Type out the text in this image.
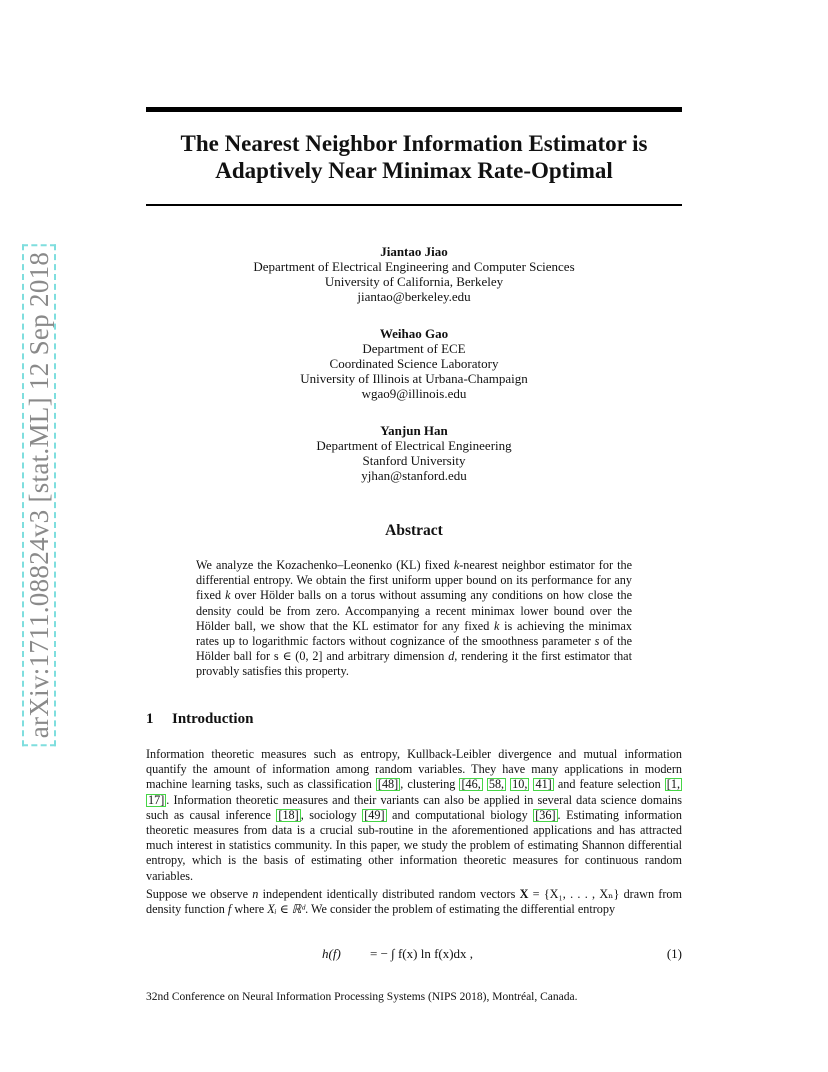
arXiv:1711.08824v3 [stat.ML] 12 Sep 2018
The Nearest Neighbor Information Estimator is
Adaptively Near Minimax Rate-Optimal
Jiantao Jiao
Department of Electrical Engineering and Computer Sciences
University of California, Berkeley
jiantao@berkeley.edu
Weihao Gao
Department of ECE
Coordinated Science Laboratory
University of Illinois at Urbana-Champaign
wgao9@illinois.edu
Yanjun Han
Department of Electrical Engineering
Stanford University
yjhan@stanford.edu
Abstract
We analyze the Kozachenko–Leonenko (KL) fixed k-nearest neighbor estimator for the differential entropy. We obtain the first uniform upper bound on its performance for any fixed k over Hölder balls on a torus without assuming any conditions on how close the density could be from zero. Accompanying a recent minimax lower bound over the Hölder ball, we show that the KL estimator for any fixed k is achieving the minimax rates up to logarithmic factors without cognizance of the smoothness parameter s of the Hölder ball for s ∈ (0, 2] and arbitrary dimension d, rendering it the first estimator that provably satisfies this property.
1 Introduction
Information theoretic measures such as entropy, Kullback-Leibler divergence and mutual information quantify the amount of information among random variables. They have many applications in modern machine learning tasks, such as classification [48] , clustering [46, 58, 10, 41] and feature selection [1, 17] . Information theoretic measures and their variants can also be applied in several data science domains such as causal inference [18] , sociology [49] and computational biology [36] . Estimating information theoretic measures from data is a crucial sub-routine in the aforementioned applications and has attracted much interest in statistics community. In this paper, we study the problem of estimating Shannon differential entropy, which is the basis of estimating other information theoretic measures for continuous random variables.
Suppose we observe n independent identically distributed random vectors X = {X₁, . . . , Xₙ} drawn from density function f where Xᵢ ∈ ℝᵈ. We consider the problem of estimating the differential entropy
h(f) = − ∫ f(x) ln f(x)dx ,	(1)
32nd Conference on Neural Information Processing Systems (NIPS 2018), Montréal, Canada.
